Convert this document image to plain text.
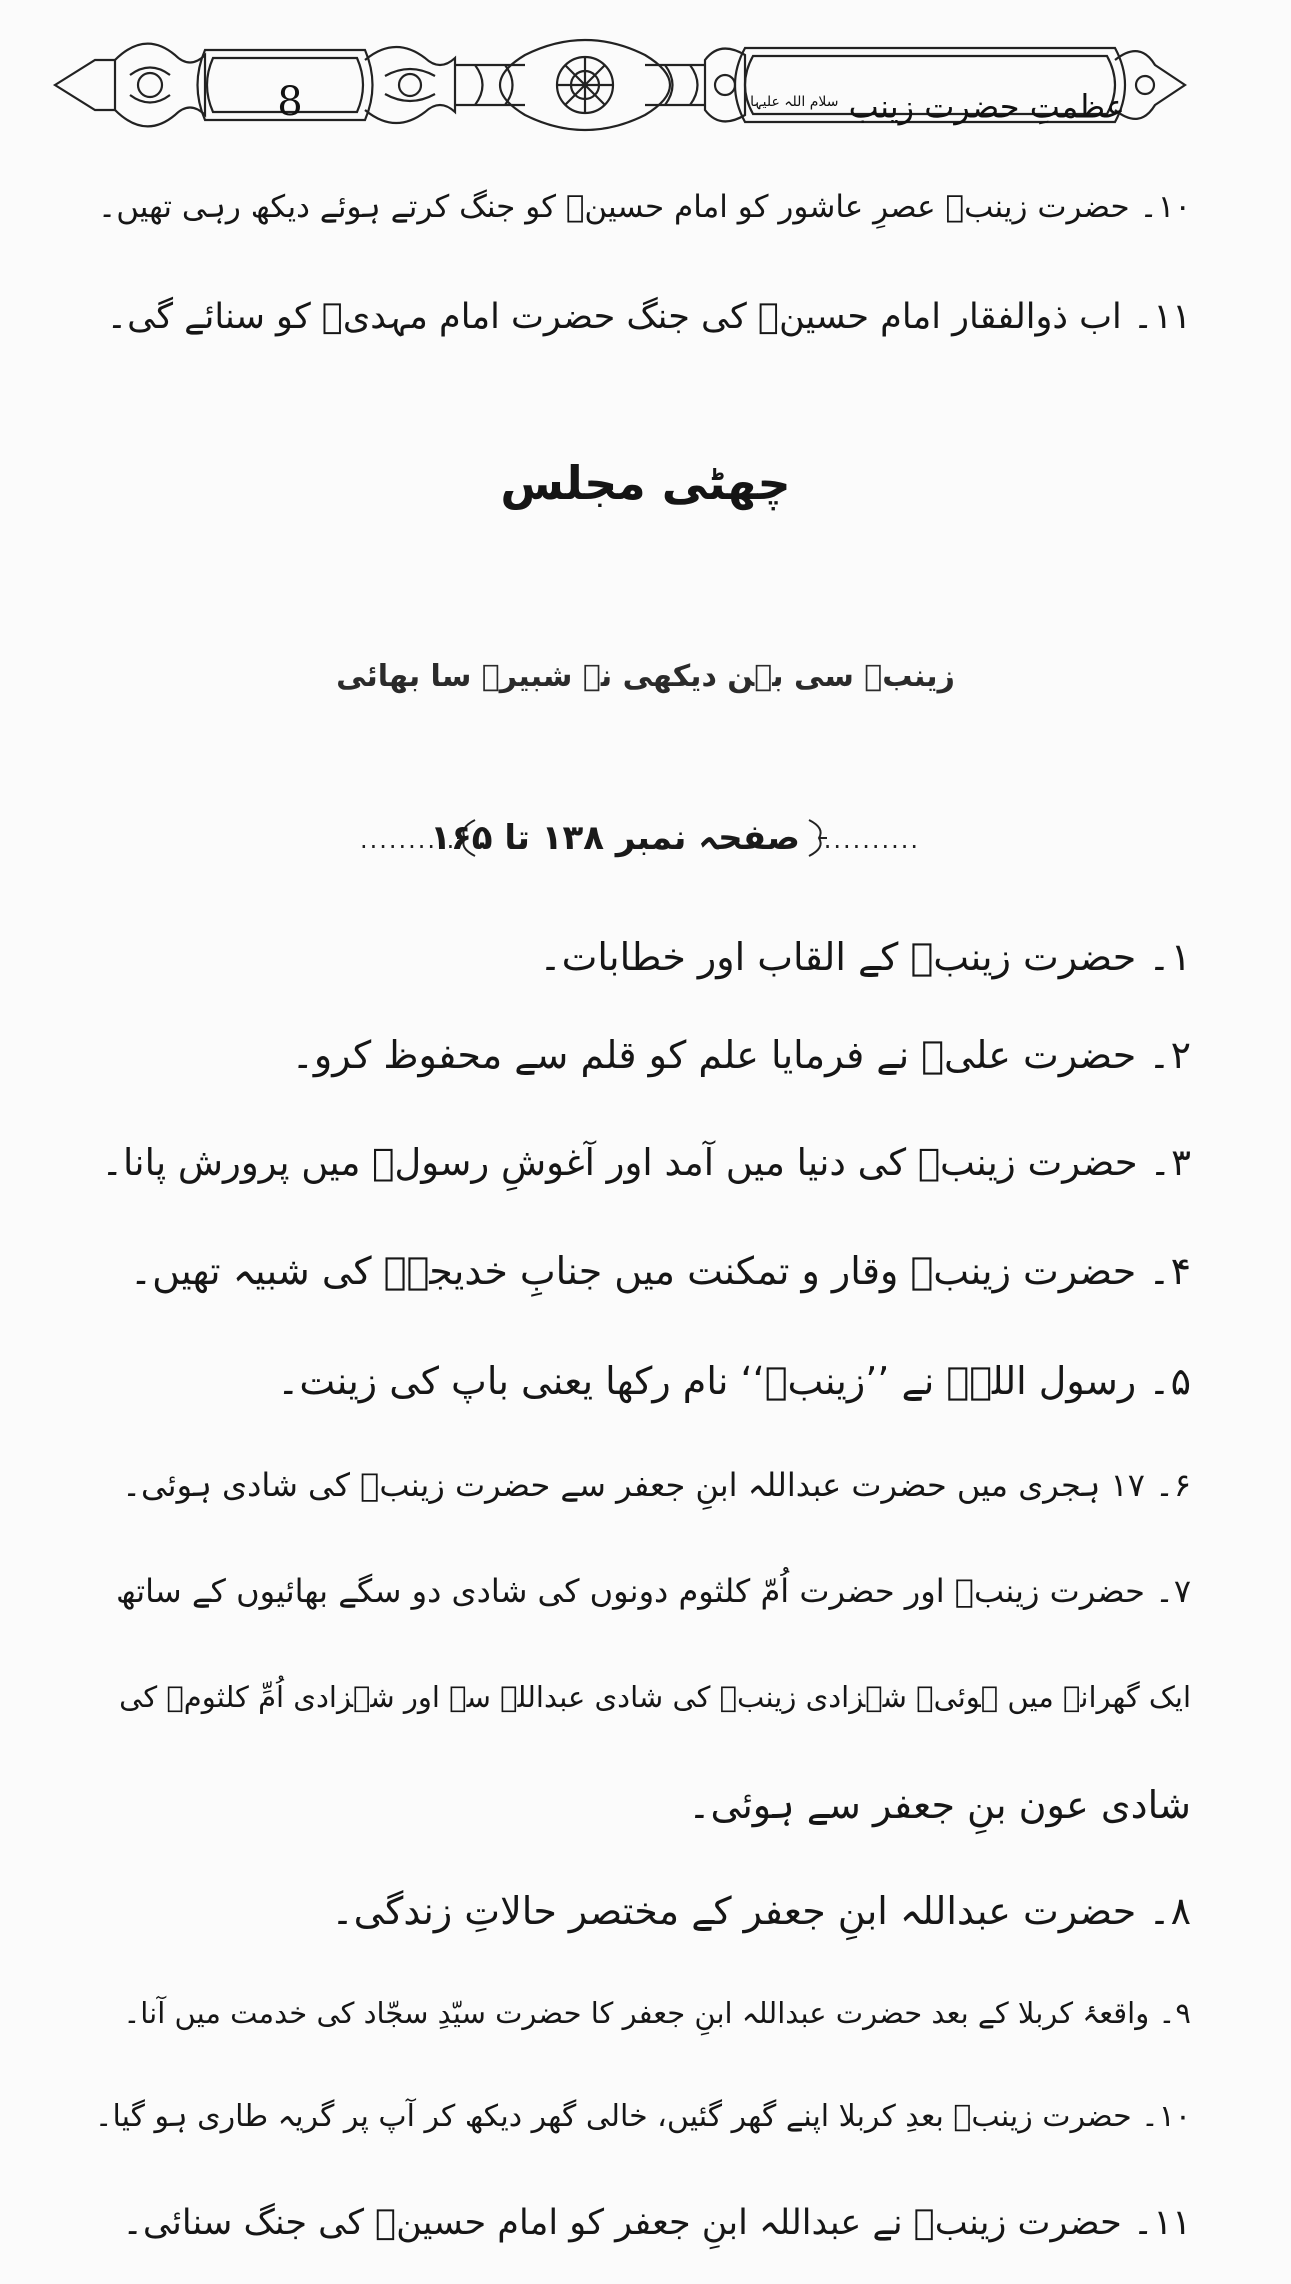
8	عظمتِ حضرت زینب $^{سلام اللہ علیہا}$
۱۰۔ حضرت زینبؑ عصرِ عاشور کو امام حسینؑ کو جنگ کرتے ہوئے دیکھ رہی تھیں۔
۱۱۔ اب ذوالفقار امام حسینؑ کی جنگ حضرت امام مہدیؑ کو سنائے گی۔
چھٹی مجلس
زینبؑ سی بہن دیکھی نہ شبیرؑ سا بھائی
..........
صفحہ نمبر ۱۳۸ تا ۱۶۵ ..........
۱۔ حضرت زینبؑ کے القاب اور خطابات۔
۲۔ حضرت علیؑ نے فرمایا علم کو قلم سے محفوظ کرو۔
۳۔ حضرت زینبؑ کی دنیا میں آمد اور آغوشِ رسولؐ میں پرورش پانا۔
۴۔ حضرت زینبؑ وقار و تمکنت میں جنابِ خدیجہؑ کی شبیہ تھیں۔
۵۔ رسول اللہؐ نے ’’زینبؑ‘‘ نام رکھا یعنی باپ کی زینت۔
۶۔ ۱۷ ہجری میں حضرت عبداللہ ابنِ جعفر سے حضرت زینبؑ کی شادی ہوئی۔
۷۔ حضرت زینبؑ اور حضرت اُمّ کلثوم دونوں کی شادی دو سگے بھائیوں کے ساتھ
ایک گھرانے میں ہوئی۔ شہزادی زینبؑ کی شادی عبداللہ سے اور شہزادی اُمِّ کلثومؑ کی
شادی عون بنِ جعفر سے ہوئی۔
۸۔ حضرت عبداللہ ابنِ جعفر کے مختصر حالاتِ زندگی۔
۹۔ واقعۂ کربلا کے بعد حضرت عبداللہ ابنِ جعفر کا حضرت سیّدِ سجّاد کی خدمت میں آنا۔
۱۰۔ حضرت زینبؑ بعدِ کربلا اپنے گھر گئیں، خالی گھر دیکھ کر آپ پر گریہ طاری ہو گیا۔
۱۱۔ حضرت زینبؑ نے عبداللہ ابنِ جعفر کو امام حسینؑ کی جنگ سنائی۔
